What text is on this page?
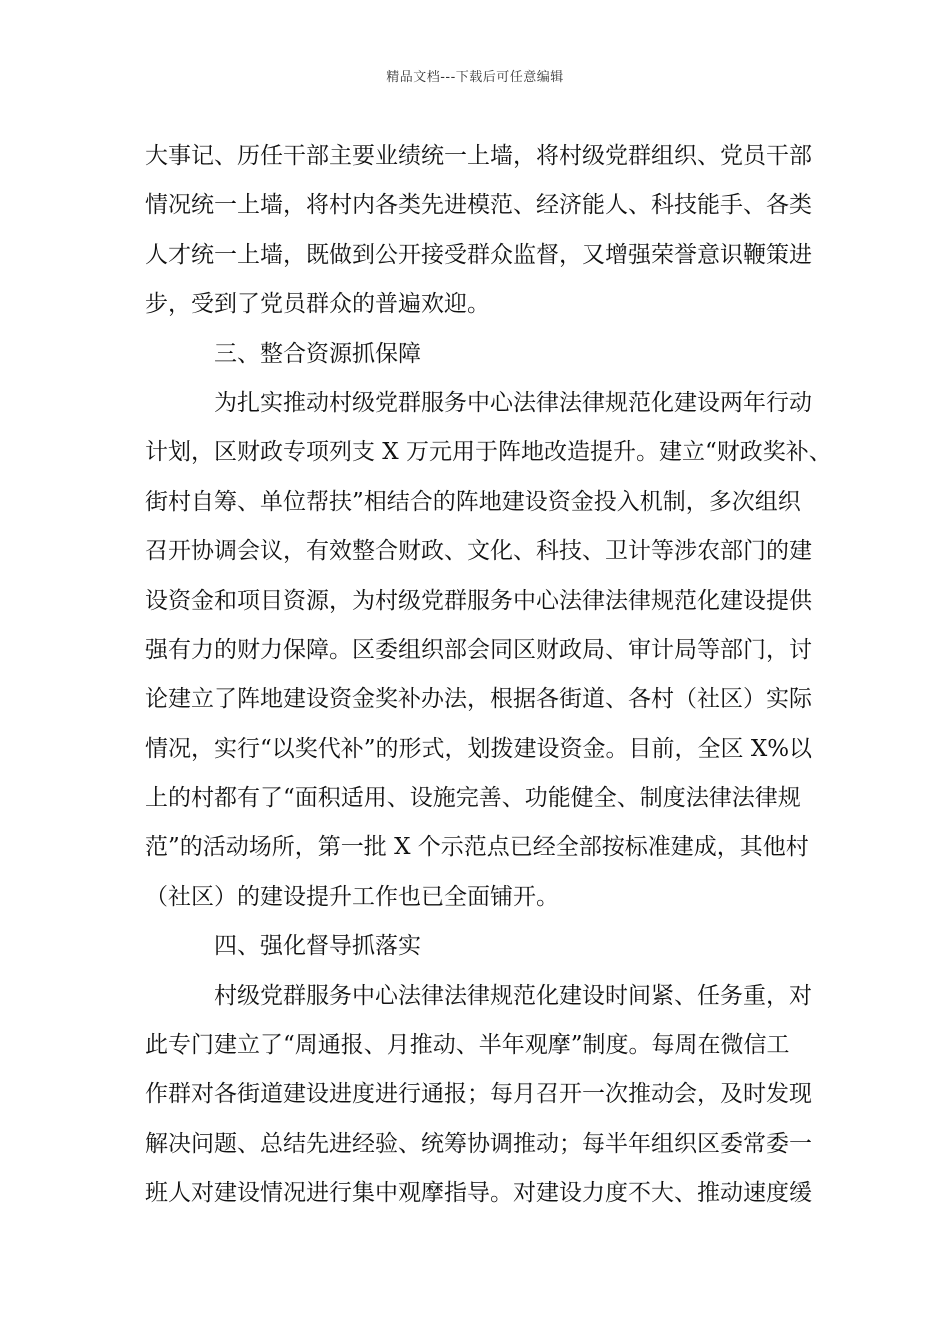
精品文档---下载后可任意编辑
大事记、历任干部主要业绩统一上墙，将村级党群组织、党员干部
情况统一上墙，将村内各类先进模范、经济能人、科技能手、各类
人才统一上墙，既做到公开接受群众监督，又增强荣誉意识鞭策进
步，受到了党员群众的普遍欢迎。
三、整合资源抓保障
为扎实推动村级党群服务中心法律法律规范化建设两年行动
计划，区财政专项列支 X 万元用于阵地改造提升。建立“财政奖补、
街村自筹、单位帮扶”相结合的阵地建设资金投入机制，多次组织
召开协调会议，有效整合财政、文化、科技、卫计等涉农部门的建
设资金和项目资源，为村级党群服务中心法律法律规范化建设提供
强有力的财力保障。区委组织部会同区财政局、审计局等部门，讨
论建立了阵地建设资金奖补办法，根据各街道、各村（社区）实际
情况，实行“以奖代补”的形式，划拨建设资金。目前，全区 X%以
上的村都有了“面积适用、设施完善、功能健全、制度法律法律规
范”的活动场所，第一批 X 个示范点已经全部按标准建成，其他村
（社区）的建设提升工作也已全面铺开。
四、强化督导抓落实
村级党群服务中心法律法律规范化建设时间紧、任务重，对
此专门建立了“周通报、月推动、半年观摩”制度。每周在微信工
作群对各街道建设进度进行通报；每月召开一次推动会，及时发现
解决问题、总结先进经验、统筹协调推动；每半年组织区委常委一
班人对建设情况进行集中观摩指导。对建设力度不大、推动速度缓
